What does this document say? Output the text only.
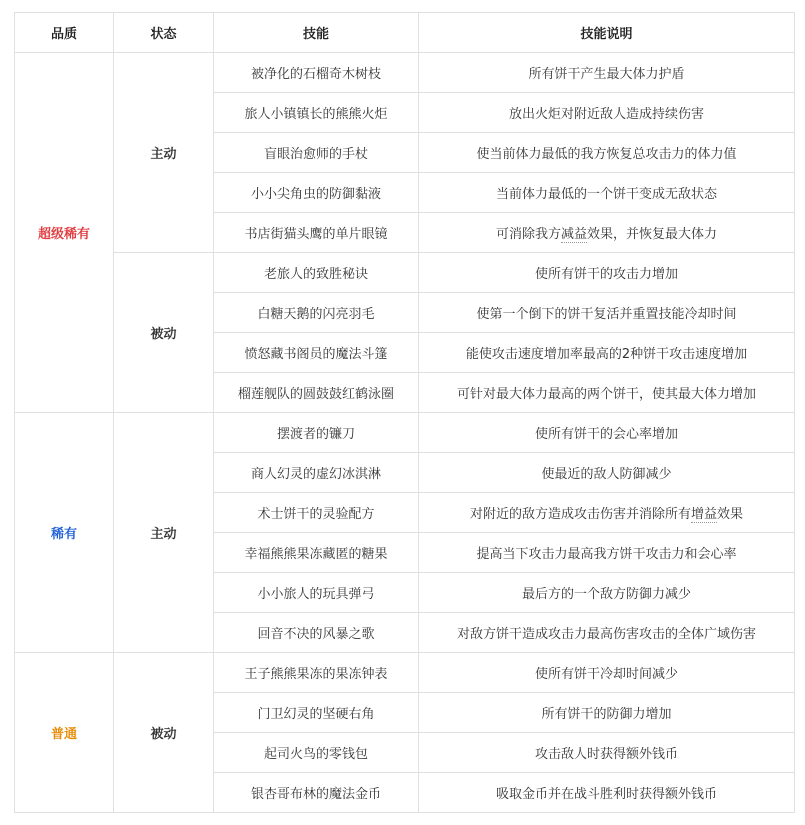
品质	状态	技能	技能说明
超级稀有	主动	被净化的石榴奇木树枝	所有饼干产生最大体力护盾
		旅人小镇镇长的熊熊火炬	放出火炬对附近敌人造成持续伤害
		盲眼治愈师的手杖	使当前体力最低的我方恢复总攻击力的体力值
		小小尖角虫的防御黏液	当前体力最低的一个饼干变成无敌状态
		书店街猫头鹰的单片眼镜	可消除我方减益效果，并恢复最大体力
	被动	老旅人的致胜秘诀	使所有饼干的攻击力增加
		白糖天鹅的闪亮羽毛	使第一个倒下的饼干复活并重置技能冷却时间
		愤怒藏书阁员的魔法斗篷	能使攻击速度增加率最高的2种饼干攻击速度增加
		榴莲舰队的圆鼓鼓红鹤泳圈	可针对最大体力最高的两个饼干，使其最大体力增加
稀有	主动	摆渡者的镰刀	使所有饼干的会心率增加
		商人幻灵的虚幻冰淇淋	使最近的敌人防御减少
		术士饼干的灵验配方	对附近的敌方造成攻击伤害并消除所有增益效果
		幸福熊熊果冻藏匿的糖果	提高当下攻击力最高我方饼干攻击力和会心率
		小小旅人的玩具弹弓	最后方的一个敌方防御力减少
		回音不决的风暴之歌	对敌方饼干造成攻击力最高伤害攻击的全体广域伤害
普通	被动	王子熊熊果冻的果冻钟表	使所有饼干冷却时间减少
		门卫幻灵的坚硬右角	所有饼干的防御力增加
		起司火鸟的零钱包	攻击敌人时获得额外钱币
		银杏哥布林的魔法金币	吸取金币并在战斗胜利时获得额外钱币
